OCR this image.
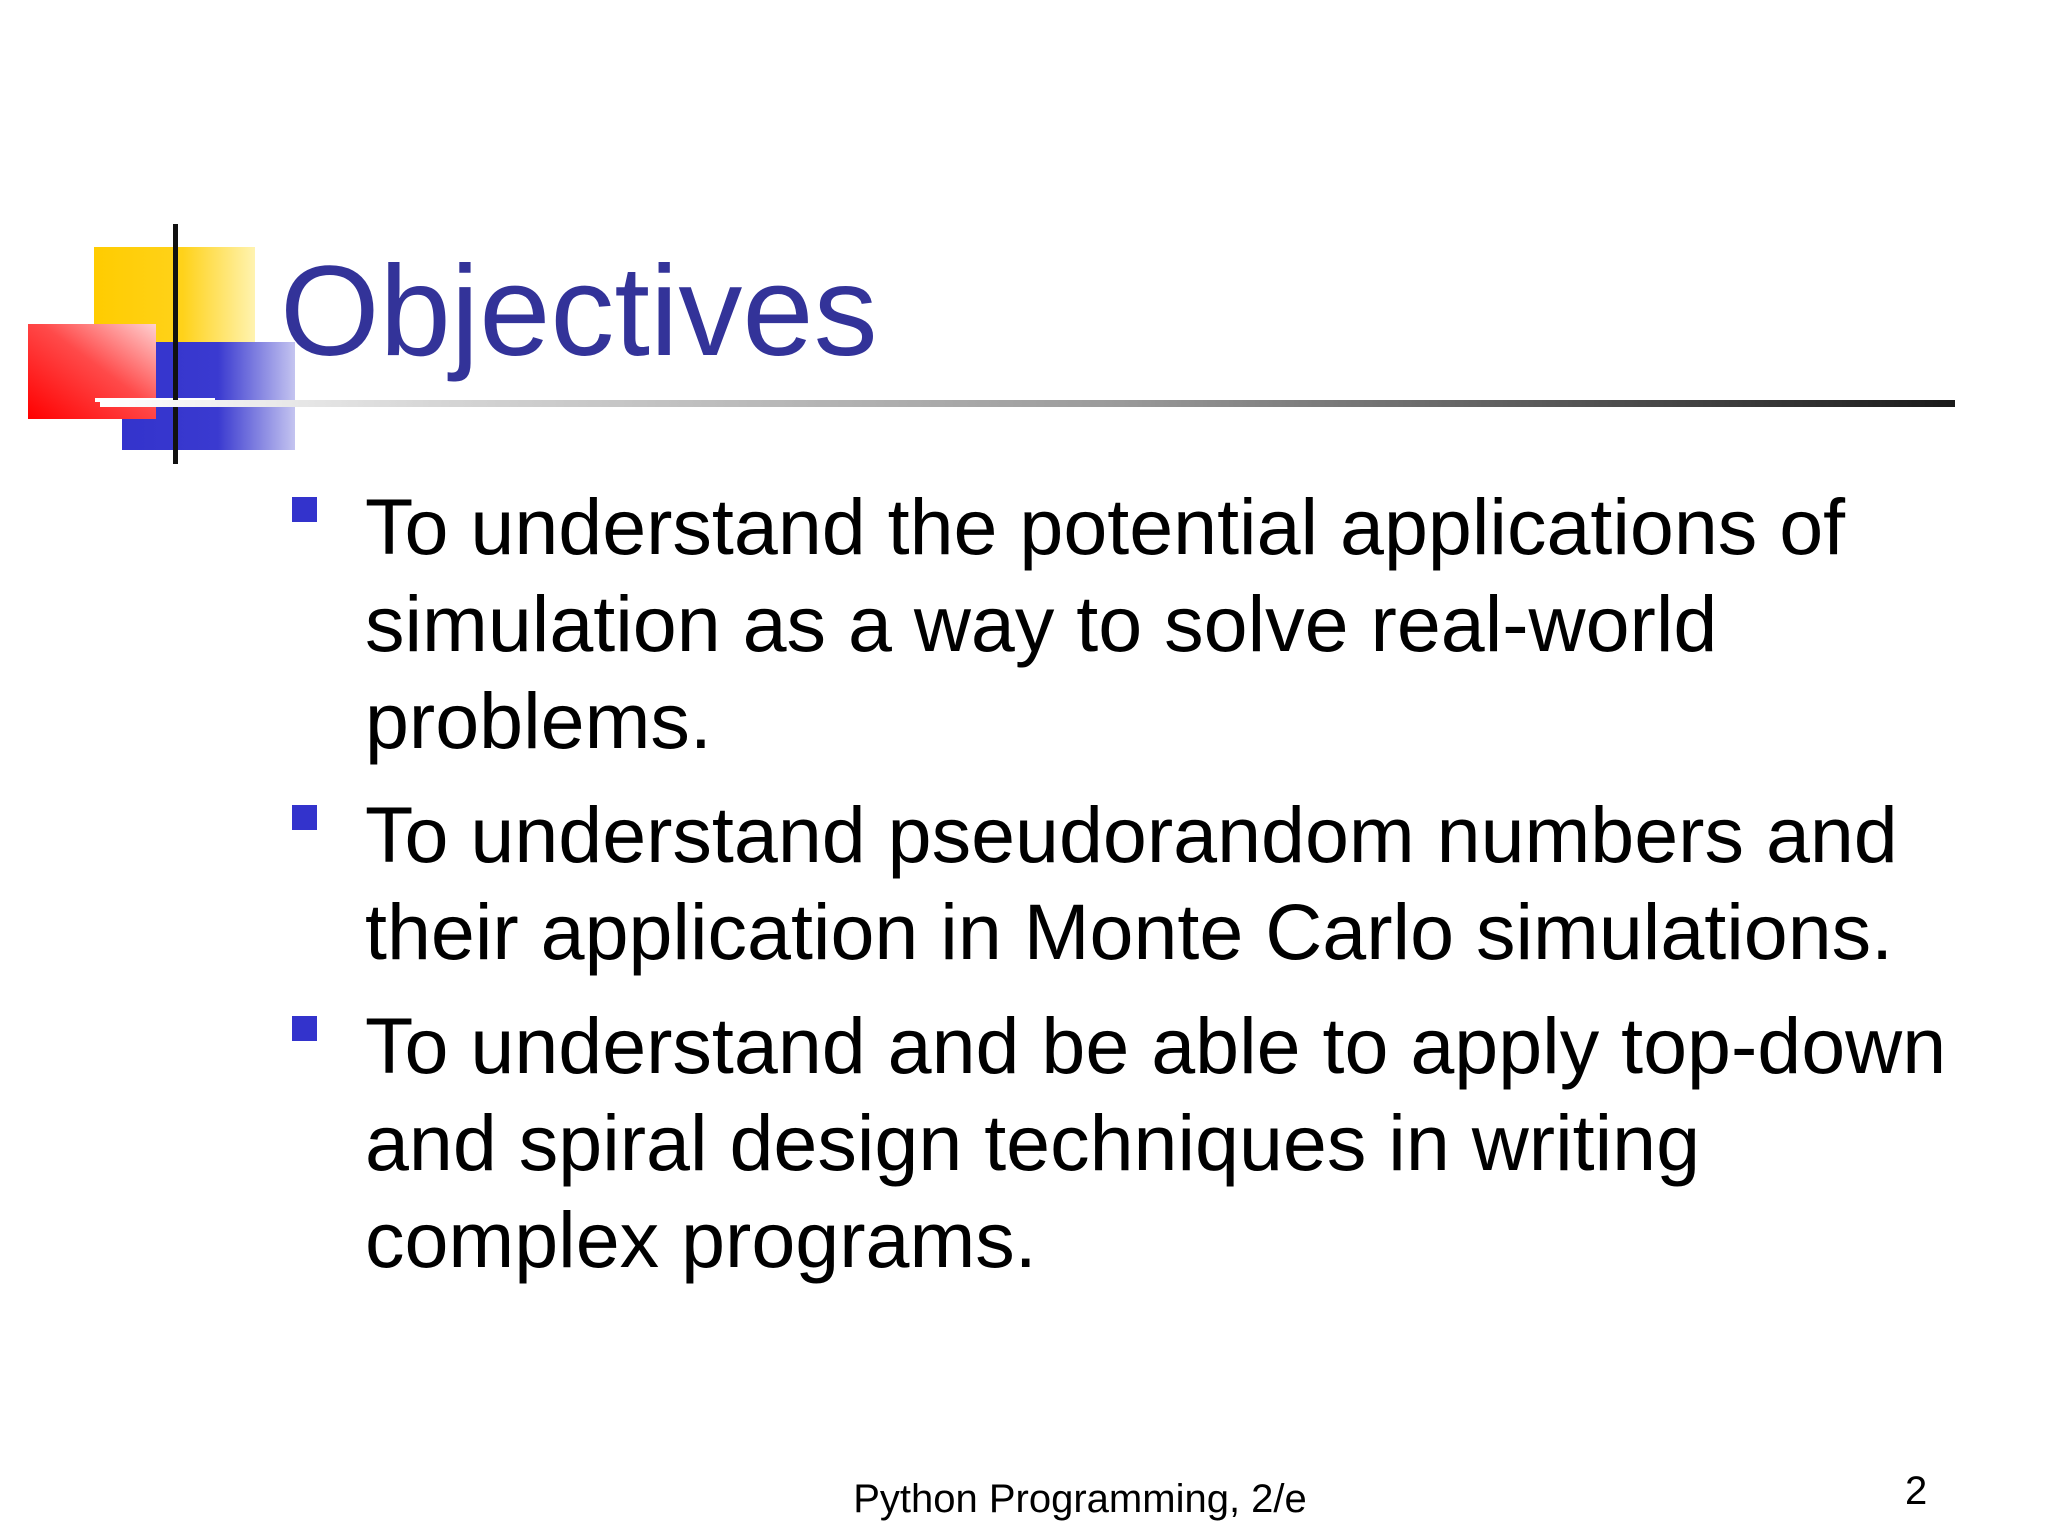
Objectives
To understand the potential applications of simulation as a way to solve real-world problems.
To understand pseudorandom numbers and their application in Monte Carlo simulations.
To understand and be able to apply top-down and spiral design techniques in writing complex programs.
Python Programming, 2/e	2
